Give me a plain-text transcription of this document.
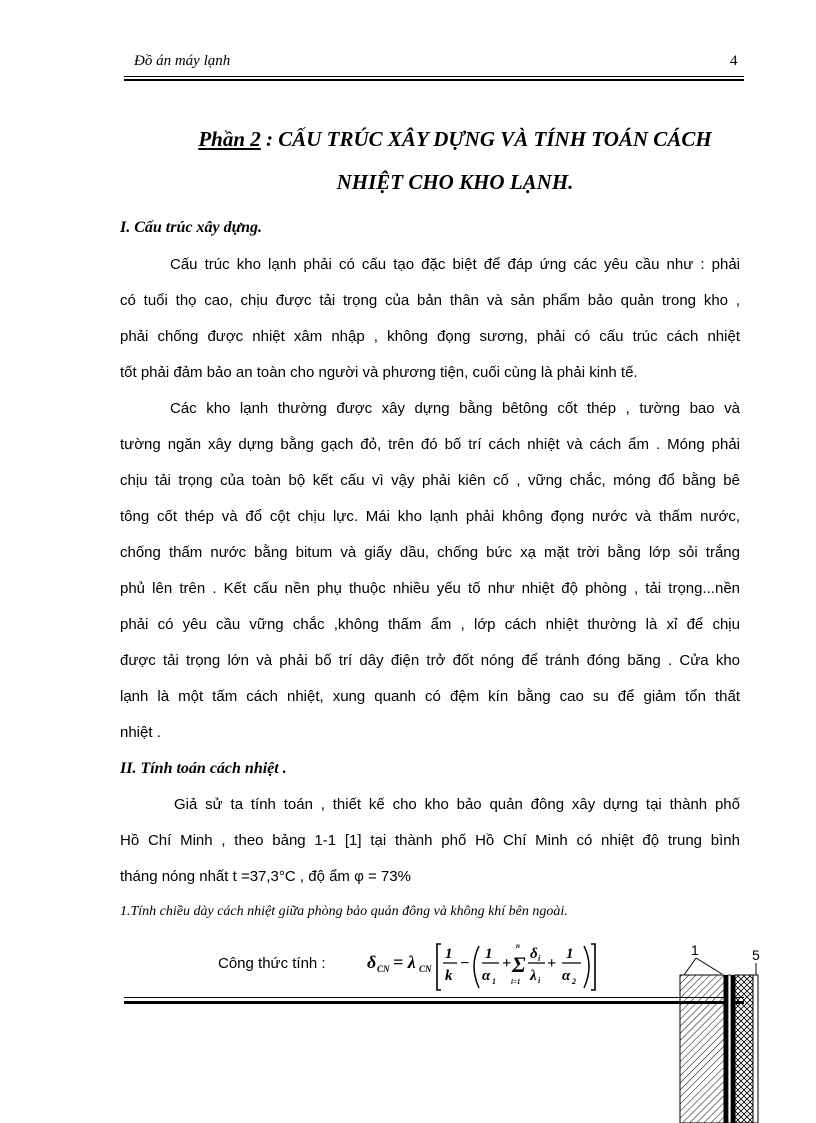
Đồ án máy lạnh	4
Phần 2 : CẤU TRÚC XÂY DỰNG VÀ TÍNH TOÁN CÁCH
NHIỆT CHO KHO LẠNH.
I. Cấu trúc xây dựng.
Cấu trúc kho lạnh phải có cấu tạo đặc biệt để đáp ứng các yêu cầu như : phải
có tuổi thọ cao, chịu được tải trọng của bản thân và sản phẩm bảo quản trong kho ,
phải chống được nhiệt xâm nhập , không đọng sương, phải có cấu trúc cách nhiệt
tốt phải đảm bảo an toàn cho người và phương tiện, cuối cùng là phải kinh tế.
Các kho lạnh thường được xây dựng bằng bêtông cốt thép , tường bao và
tường ngăn xây dựng bằng gạch đỏ, trên đó bố trí cách nhiệt và cách ẩm . Móng phải
chịu tải trọng của toàn bộ kết cấu vì vậy phải kiên cố , vững chắc, móng đổ bằng bê
tông cốt thép và đổ cột chịu lực. Mái kho lạnh phải không đọng nước và thấm nước,
chống thấm nước bằng bitum và giấy dầu, chống bức xạ mặt trời bằng lớp sỏi trắng
phủ lên trên . Kết cấu nền phụ thuộc nhiều yếu tố như nhiệt độ phòng , tải trọng...nền
phải có yêu cầu vững chắc ,không thấm ẩm , lớp cách nhiệt thường là xỉ để chịu
được tải trọng lớn và phải bố trí dây điện trở đốt nóng để tránh đóng băng . Cửa kho
lạnh là một tấm cách nhiệt, xung quanh có đệm kín bằng cao su để giảm tổn thất
nhiệt .
II. Tính toán cách nhiệt .
Giả sử ta tính toán , thiết kế cho kho bảo quản đông xây dựng tại thành phố
Hồ Chí Minh , theo bảng 1-1 [1] tại thành phố Hồ Chí Minh có nhiệt độ trung bình
tháng nóng nhất t =37,3°C , độ ẩm φ = 73%
1.Tính chiều dày cách nhiệt giữa phòng bảo quản đông và không khí bên ngoài.
Công thức tính : δ CN = λ CN
1
k
−
1
α 1
+
n
Σ
i=1
δ i
λ i
+
1
α 2
1	5
